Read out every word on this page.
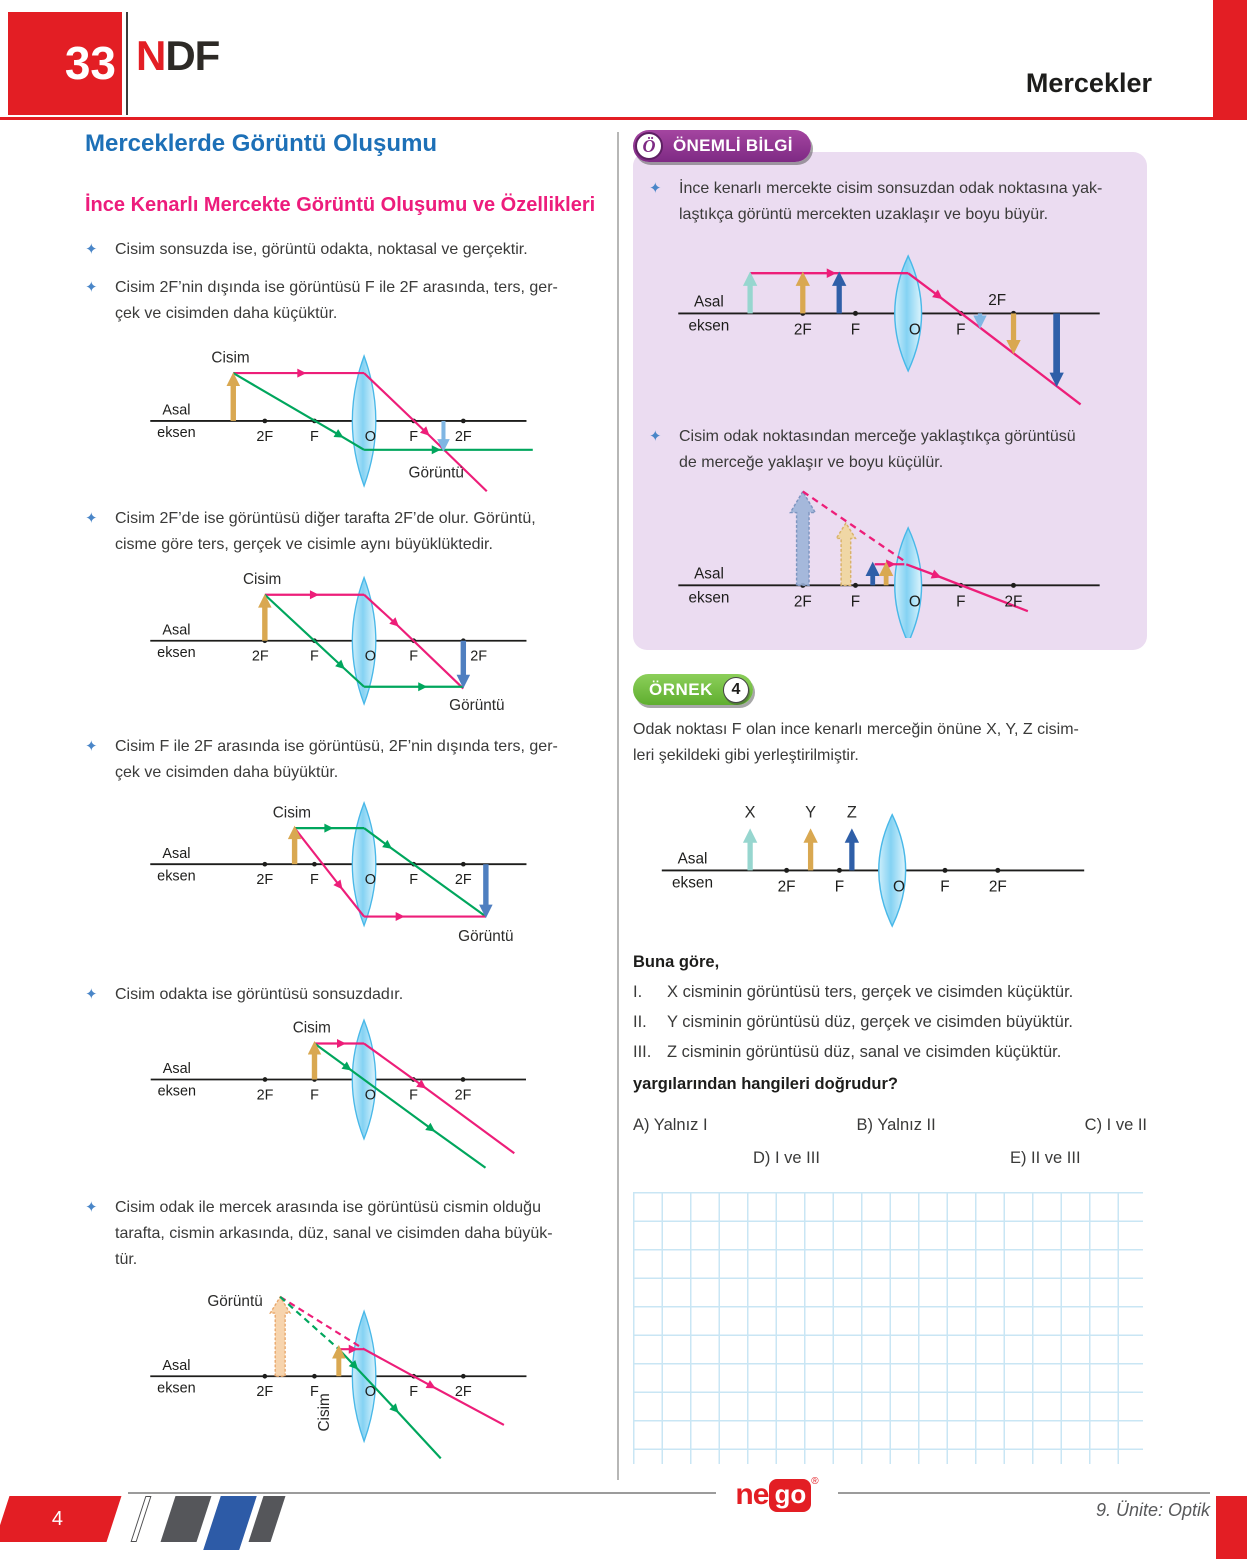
33 NDF
Mercekler
Merceklerde Görüntü Oluşumu
İnce Kenarlı Mercekte Görüntü Oluşumu ve Özellikleri
✦	Cisim sonsuzda ise, görüntü odakta, noktasal ve gerçektir.
✦	Cisim 2F’nin dışında ise görüntüsü F ile 2F arasında, ters, ger-
çek ve cisimden daha küçüktür.
Cisim
Görüntü
Asal
eksen	2F F	O F 2F
✦	Cisim 2F’de ise görüntüsü diğer tarafta 2F’de olur. Görüntü,
cisme göre ters, gerçek ve cisimle aynı büyüklüktedir.
Cisim
Görüntü
Asal
eksen	2F	F	O F	2F
✦	Cisim F ile 2F arasında ise görüntüsü, 2F’nin dışında ters, ger-
çek ve cisimden daha büyüktür.
Cisim
Görüntü
Asal
eksen	2F F	O F 2F
✦	Cisim odakta ise görüntüsü sonsuzdadır.
Cisim
Asal
eksen	2F F	O F 2F
✦	Cisim odak ile mercek arasında ise görüntüsü cismin olduğu
tarafta, cismin arkasında, düz, sanal ve cisimden daha büyük-
tür.
Görüntü
Cisim
Asal
eksen	2F F	O F 2F
Ö	ÖNEMLİ BİLGİ
✦	İnce kenarlı mercekte cisim sonsuzdan odak noktasına yak-
laştıkça görüntü mercekten uzaklaşır ve boyu büyür.
Asal
eksen	2F F	O F
2F
✦	Cisim odak noktasından merceğe yaklaştıkça görüntüsü
de merceğe yaklaşır ve boyu küçülür.
Asal
eksen	2F F	O F 2F
ÖRNEK	4
Odak noktası F olan ince kenarlı merceğin önüne X, Y, Z cisim-
leri şekildeki gibi yerleştirilmiştir.
X	Y Z
Asal
eksen	2F F	O F 2F
Buna göre,
I.	X cisminin görüntüsü ters, gerçek ve cisimden küçüktür.
II.	Y cisminin görüntüsü düz, gerçek ve cisimden büyüktür.
III. Z cisminin görüntüsü düz, sanal ve cisimden küçüktür.
yargılarından hangileri doğrudur?
A) Yalnız I	B) Yalnız II	C) I ve II
D) I ve III	E) II ve III
4
ne go ®
9. Ünite: Optik
